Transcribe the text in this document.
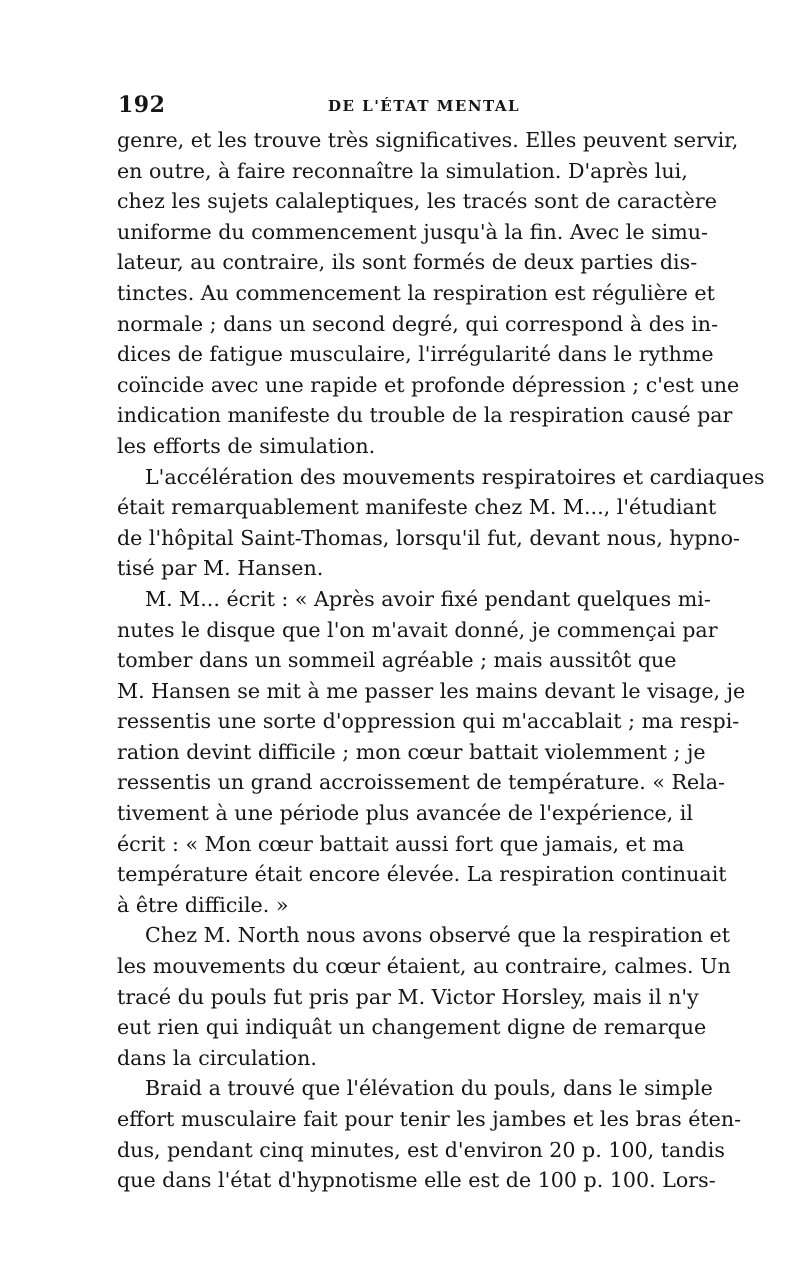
192	DE L'ÉTAT MENTAL
genre, et les trouve très significatives. Elles peuvent servir,
en outre, à faire reconnaître la simulation. D'après lui,
chez les sujets calaleptiques, les tracés sont de caractère
uniforme du commencement jusqu'à la fin. Avec le simu-
lateur, au contraire, ils sont formés de deux parties dis-
tinctes. Au commencement la respiration est régulière et
normale ; dans un second degré, qui correspond à des in-
dices de fatigue musculaire, l'irrégularité dans le rythme
coïncide avec une rapide et profonde dépression ; c'est une
indication manifeste du trouble de la respiration causé par
les efforts de simulation.
L'accélération des mouvements respiratoires et cardiaques
était remarquablement manifeste chez M. M..., l'étudiant
de l'hôpital Saint-Thomas, lorsqu'il fut, devant nous, hypno-
tisé par M. Hansen.
M. M... écrit : « Après avoir fixé pendant quelques mi-
nutes le disque que l'on m'avait donné, je commençai par
tomber dans un sommeil agréable ; mais aussitôt que
M. Hansen se mit à me passer les mains devant le visage, je
ressentis une sorte d'oppression qui m'accablait ; ma respi-
ration devint difficile ; mon cœur battait violemment ; je
ressentis un grand accroissement de température. « Rela-
tivement à une période plus avancée de l'expérience, il
écrit : « Mon cœur battait aussi fort que jamais, et ma
température était encore élevée. La respiration continuait
à être difficile. »
Chez M. North nous avons observé que la respiration et
les mouvements du cœur étaient, au contraire, calmes. Un
tracé du pouls fut pris par M. Victor Horsley, mais il n'y
eut rien qui indiquât un changement digne de remarque
dans la circulation.
Braid a trouvé que l'élévation du pouls, dans le simple
effort musculaire fait pour tenir les jambes et les bras éten-
dus, pendant cinq minutes, est d'environ 20 p. 100, tandis
que dans l'état d'hypnotisme elle est de 100 p. 100. Lors-
